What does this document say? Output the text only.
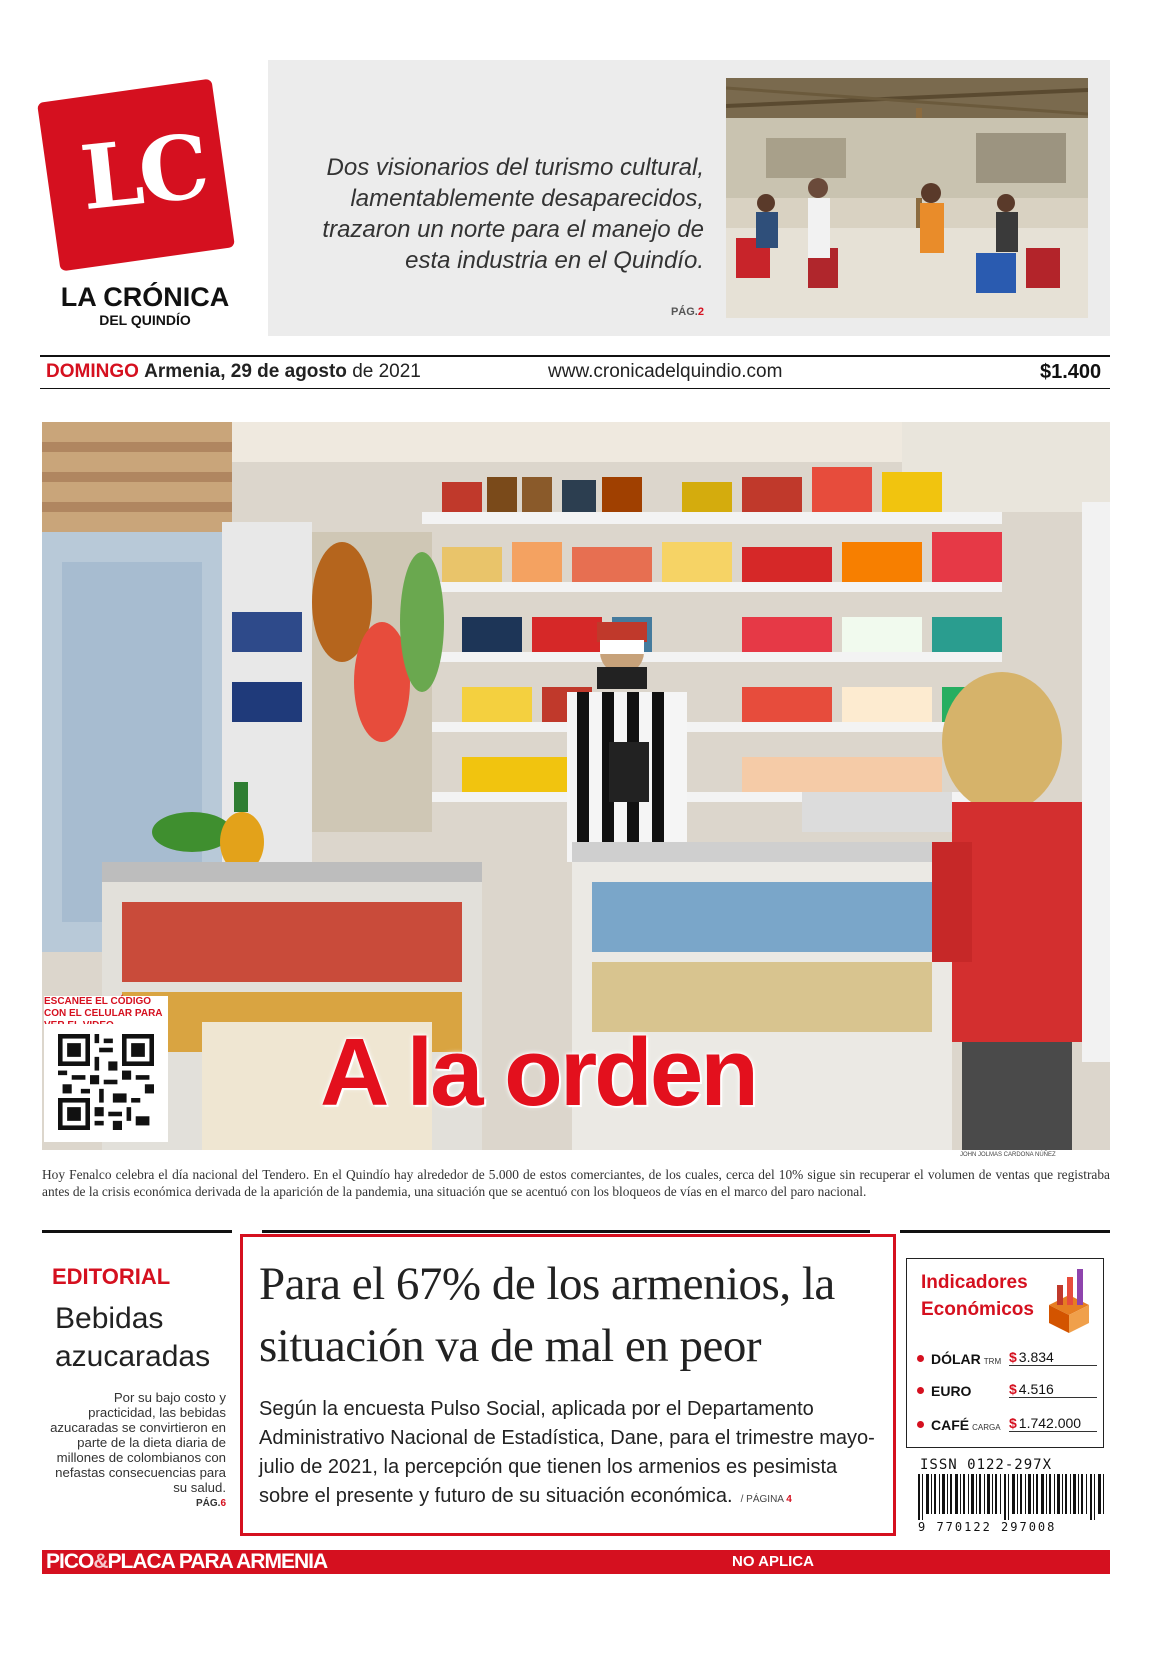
LC
LA CRÓNICA
DEL QUINDÍO
Dos visionarios del turismo cultural, lamentablemente desaparecidos, trazaron un norte para el manejo de esta industria en el Quindío.
PÁG.2
DOMINGO Armenia, 29 de agosto de 2021	www.cronicadelquindio.com	$1.400
A la orden
ESCANEE EL CÓDIGO CON EL CELULAR PARA
JOHN JOLMAS CARDONA NÚÑEZ
Hoy Fenalco celebra el día nacional del Tendero. En el Quindío hay alrededor de 5.000 de estos comerciantes, de los cuales, cerca del 10% sigue sin recuperar el volumen de ventas que registraba antes de la crisis económica derivada de la aparición de la pandemia, una situación que se acentuó con los bloqueos de vías en el marco del paro nacional.
EDITORIAL
Bebidas azucaradas
Por su bajo costo y practicidad, las bebidas azucaradas se convirtieron en parte de la dieta diaria de millones de colombianos con nefastas consecuencias para su salud.
PÁG.6
Para el 67% de los armenios, la situación va de mal en peor
Según la encuesta Pulso Social, aplicada por el Departamento Administrativo Nacional de Estadística, Dane, para el trimestre mayo-julio de 2021, la percepción que tienen los armenios es pesimista sobre el presente y futuro de su situación económica. / PÁGINA 4
Indicadores Económicos
DÓLAR TRM $ 3.834
EURO	$ 4.516
CAFÉ CARGA $ 1.742.000
ISSN 0122-297X
9 770122 297008
PICO&PLACA PARA ARMENIA	NO APLICA
